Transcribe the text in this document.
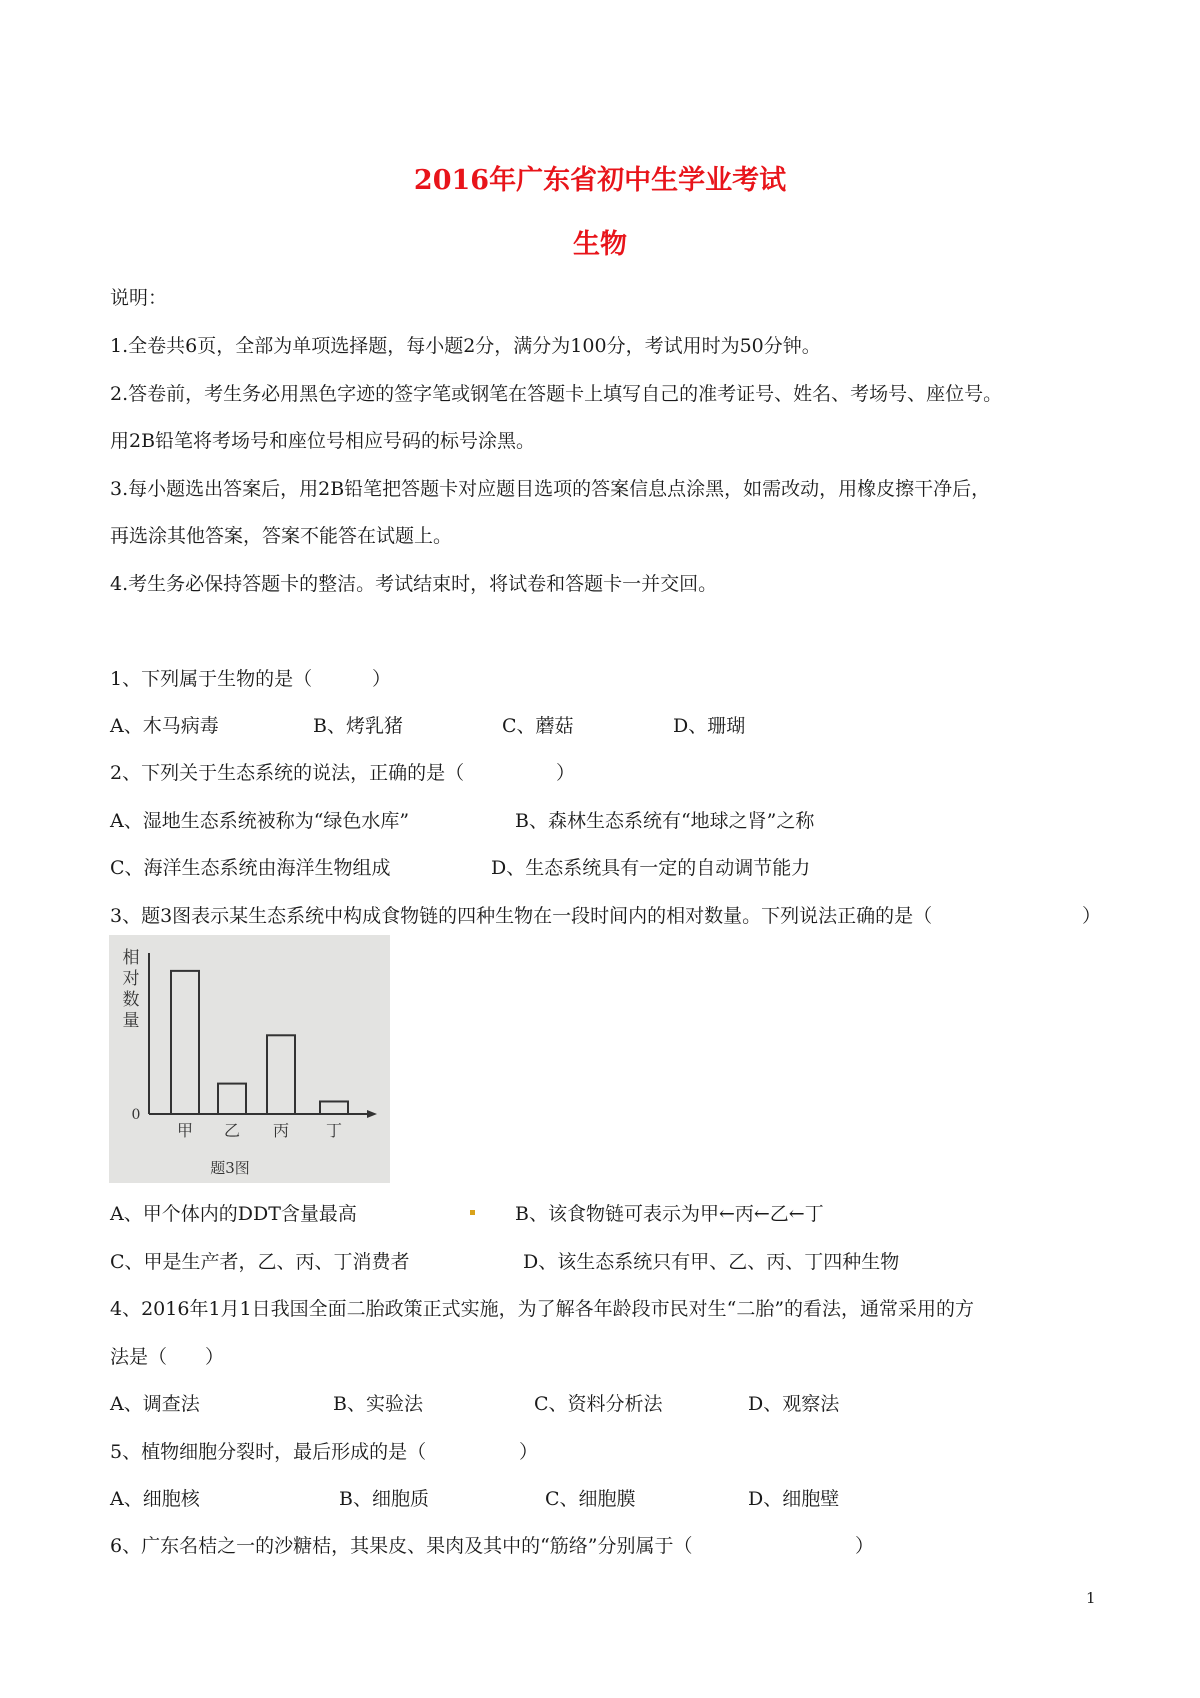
2016年广东省初中生学业考试
生物
说明：
1.全卷共6页，全部为单项选择题，每小题2分，满分为100分，考试用时为50分钟。
2.答卷前，考生务必用黑色字迹的签字笔或钢笔在答题卡上填写自己的准考证号、姓名、考场号、座位号。
用2B铅笔将考场号和座位号相应号码的标号涂黑。
3.每小题选出答案后，用2B铅笔把答题卡对应题目选项的答案信息点涂黑，如需改动，用橡皮擦干净后，
再选涂其他答案，答案不能答在试题上。
4.考生务必保持答题卡的整洁。考试结束时，将试卷和答题卡一并交回。
1、下列属于生物的是（	）
A、木马病毒	B、烤乳猪	C、蘑菇	D、珊瑚
2、下列关于生态系统的说法，正确的是（	）
A、湿地生态系统被称为“绿色水库”	B、森林生态系统有“地球之肾”之称
C、海洋生态系统由海洋生物组成	D、生态系统具有一定的自动调节能力
3、题3图表示某生态系统中构成食物链的四种生物在一段时间内的相对数量。下列说法正确的是（	）
相
对
数
量
0
甲 乙 丙 丁
题3图
A、甲个体内的DDT含量最高	B、该食物链可表示为甲←丙←乙←丁
C、甲是生产者，乙、丙、丁消费者	D、该生态系统只有甲、乙、丙、丁四种生物
4、2016年1月1日我国全面二胎政策正式实施，为了解各年龄段市民对生“二胎”的看法，通常采用的方
法是（ ）
A、调查法	B、实验法	C、资料分析法	D、观察法
5、植物细胞分裂时，最后形成的是（	）
A、细胞核	B、细胞质	C、细胞膜	D、细胞壁
6、广东名桔之一的沙糖桔，其果皮、果肉及其中的“筋络”分别属于（	）
1
